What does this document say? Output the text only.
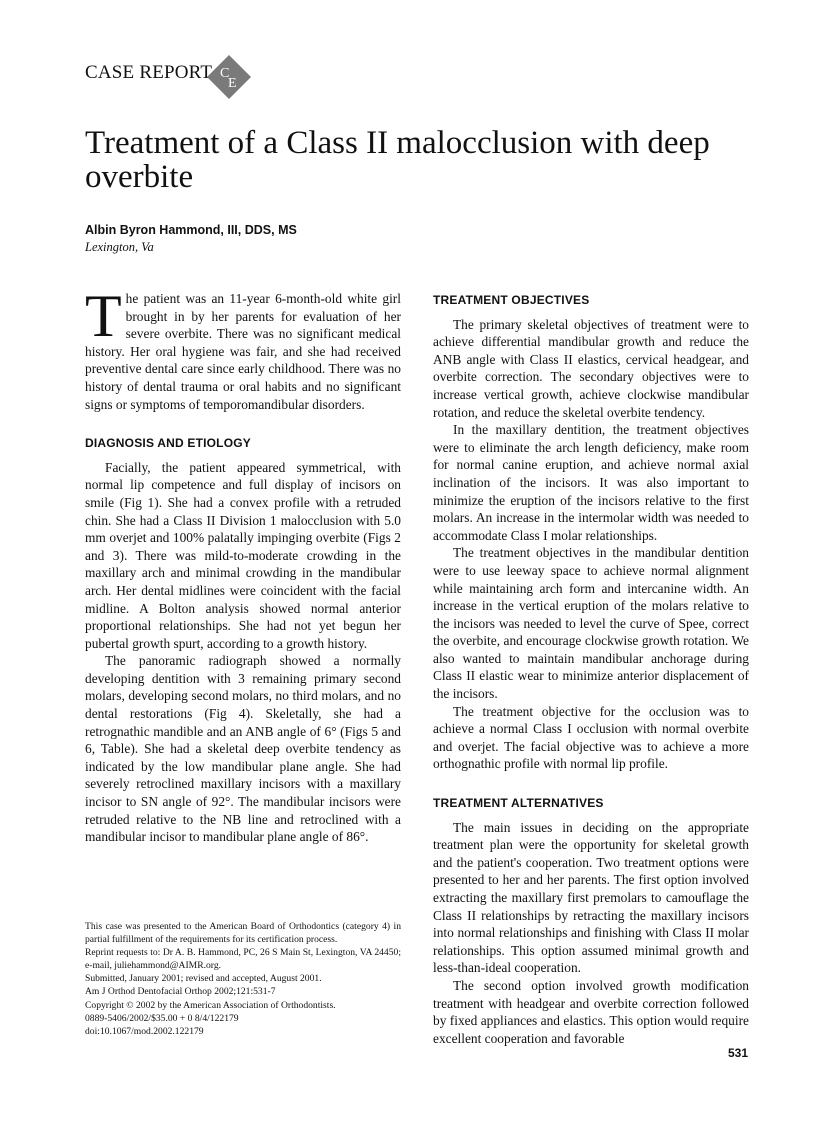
CASE REPORT C
E
Treatment of a Class II malocclusion with deep overbite
Albin Byron Hammond, III, DDS, MS
Lexington, Va

The patient was an 11-year 6-month-old white girl brought in by her parents for evaluation of her severe overbite. There was no significant medical history. Her oral hygiene was fair, and she had received preventive dental care since early childhood. There was no history of dental trauma or oral habits and no significant signs or symptoms of temporomandibular disorders.

DIAGNOSIS AND ETIOLOGY

Facially, the patient appeared symmetrical, with normal lip competence and full display of incisors on smile (Fig 1). She had a convex profile with a retruded chin. She had a Class II Division 1 malocclusion with 5.0 mm overjet and 100% palatally impinging overbite (Figs 2 and 3). There was mild-to-moderate crowding in the maxillary arch and minimal crowding in the mandibular arch. Her dental midlines were coincident with the facial midline. A Bolton analysis showed normal anterior proportional relationships. She had not yet begun her pubertal growth spurt, according to a growth history.

The panoramic radiograph showed a normally developing dentition with 3 remaining primary second molars, developing second molars, no third molars, and no dental restorations (Fig 4). Skeletally, she had a retrognathic mandible and an ANB angle of 6° (Figs 5 and 6, Table). She had a skeletal deep overbite tendency as indicated by the low mandibular plane angle. She had severely retroclined maxillary incisors with a maxillary incisor to SN angle of 92°. The mandibular incisors were retruded relative to the NB line and retroclined with a mandibular incisor to mandibular plane angle of 86°.

This case was presented to the American Board of Orthodontics (category 4) in partial fulfillment of the requirements for its certification process.
Reprint requests to: Dr A. B. Hammond, PC, 26 S Main St, Lexington, VA 24450; e-mail, juliehammond@AIMR.org.
Submitted, January 2001; revised and accepted, August 2001.
Am J Orthod Dentofacial Orthop 2002;121:531-7
Copyright © 2002 by the American Association of Orthodontists.
0889-5406/2002/$35.00 + 0 8/4/122179
doi:10.1067/mod.2002.122179
TREATMENT OBJECTIVES

The primary skeletal objectives of treatment were to achieve differential mandibular growth and reduce the ANB angle with Class II elastics, cervical headgear, and overbite correction. The secondary objectives were to increase vertical growth, achieve clockwise mandibular rotation, and reduce the skeletal overbite tendency.

In the maxillary dentition, the treatment objectives were to eliminate the arch length deficiency, make room for normal canine eruption, and achieve normal axial inclination of the incisors. It was also important to minimize the eruption of the incisors relative to the first molars. An increase in the intermolar width was needed to accommodate Class I molar relationships.

The treatment objectives in the mandibular dentition were to use leeway space to achieve normal alignment while maintaining arch form and intercanine width. An increase in the vertical eruption of the molars relative to the incisors was needed to level the curve of Spee, correct the overbite, and encourage clockwise growth rotation. We also wanted to maintain mandibular anchorage during Class II elastic wear to minimize anterior displacement of the incisors.

The treatment objective for the occlusion was to achieve a normal Class I occlusion with normal overbite and overjet. The facial objective was to achieve a more orthognathic profile with normal lip profile.

TREATMENT ALTERNATIVES

The main issues in deciding on the appropriate treatment plan were the opportunity for skeletal growth and the patient's cooperation. Two treatment options were presented to her and her parents. The first option involved extracting the maxillary first premolars to camouflage the Class II relationships by retracting the maxillary incisors into normal relationships and finishing with Class II molar relationships. This option assumed minimal growth and less-than-ideal cooperation.

The second option involved growth modification treatment with headgear and overbite correction followed by fixed appliances and elastics. This option would require excellent cooperation and favorable

531
